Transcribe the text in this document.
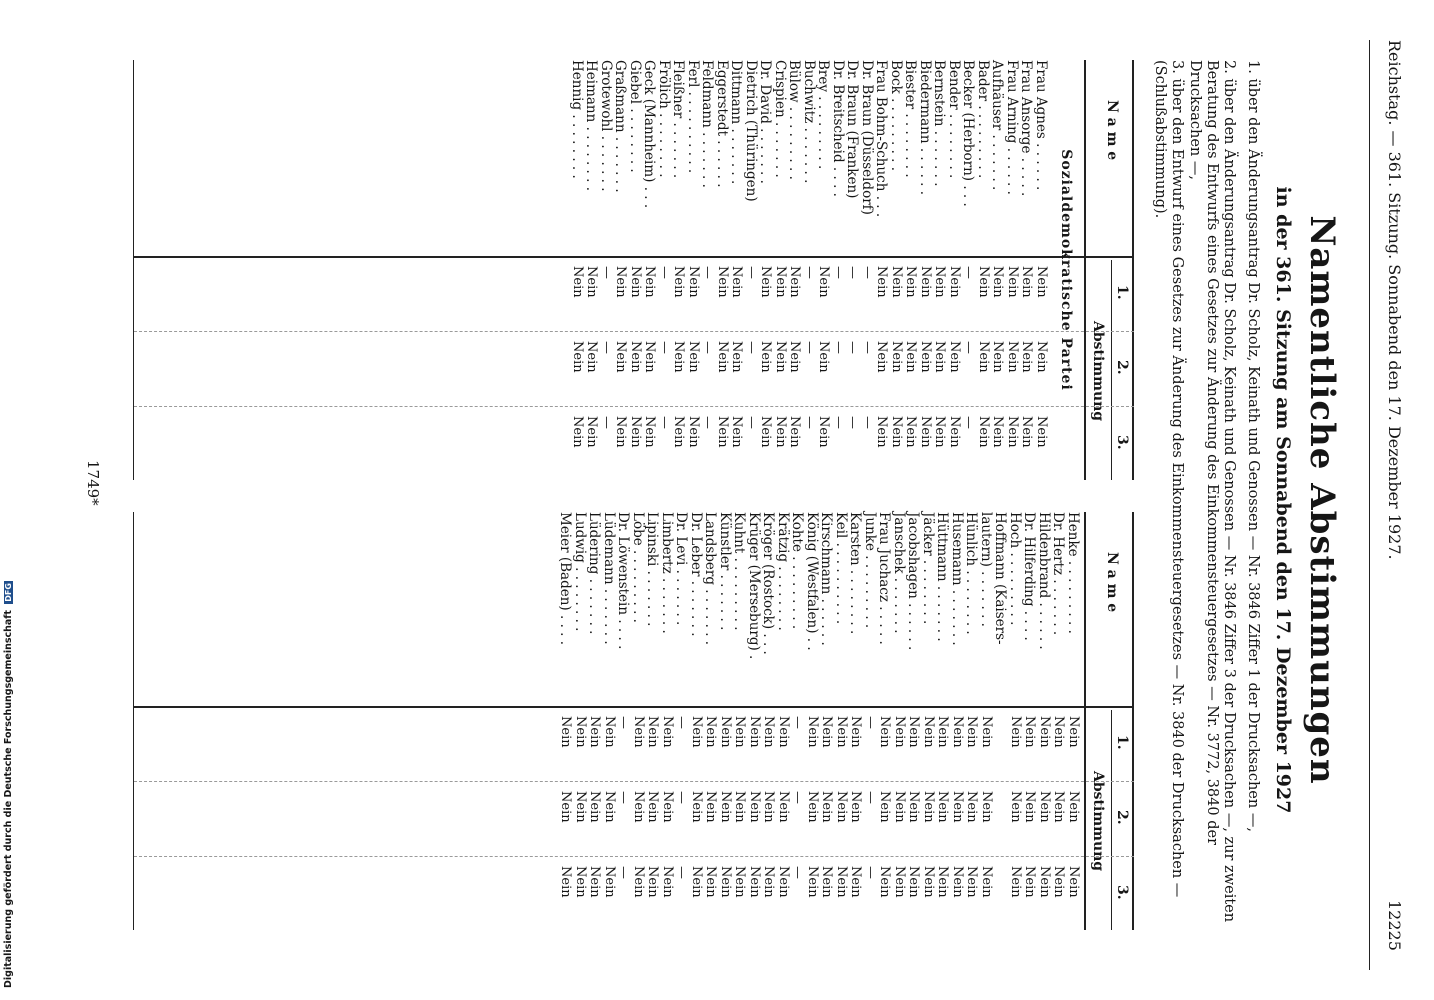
Reichstag. — 361. Sitzung. Sonnabend den 17. Dezember 1927.
12225
Namentliche Abstimmungen
in der 361. Sitzung am Sonnabend den 17. Dezember 1927
1. über den Änderungsantrag Dr. Scholz, Keinath und Genossen — Nr. 3846 Ziffer 1 der Drucksachen —,
2. über den Änderungsantrag Dr. Scholz, Keinath und Genossen — Nr. 3846 Ziffer 3 der Drucksachen —, zur zweiten Beratung des Entwurfs eines Gesetzes zur Änderung des Einkommensteuergesetzes — Nr. 3772, 3840 der Drucksachen —,
3. über den Entwurf eines Gesetzes zur Änderung des Einkommensteuergesetzes — Nr. 3840 der Drucksachen — (Schlußabstimmung).
N a m e
1.
2.
3.
Abstimmung
Sozialdemokratische Partei
Frau Agnes . . . . . .
Nein
Nein
Nein
Frau Ansorge . . . . .
Nein
Nein
Nein
Frau Arning . . . . . .
Nein
Nein
Nein
Aufhäuser . . . . . . .
Nein
Nein
Nein
Bader . . . . . . . . .
Nein
Nein
Nein
Becker (Herborn) . . .
—
—
—
Bender . . . . . . . .
Nein
Nein
Nein
Bernstein . . . . . . .
Nein
Nein
Nein
Biedermann . . . . . .
Nein
Nein
Nein
Biester . . . . . . . .
Nein
Nein
Nein
Bock . . . . . . . . .
Nein
Nein
Nein
Frau Bohm-Schuch . . .
Nein
Nein
Nein
Dr. Braun (Düsseldorf)
—
—
—
Dr. Braun (Franken)
—
—
—
Dr. Breitscheid . . . .
—
—
—
Brey . . . . . . . . .
Nein
Nein
Nein
Buchwitz . . . . . . .
—
—
—
Bülow . . . . . . . . .
Nein
Nein
Nein
Crispien . . . . . . .
Nein
Nein
Nein
Dr. David . . . . . . .
Nein
Nein
Nein
Dietrich (Thüringen)
—
—
—
Dittmann . . . . . . .
Nein
Nein
Nein
Eggerstedt . . . . . .
Nein
Nein
Nein
Feldmann . . . . . . .
—
—
—
Ferl . . . . . . . . . .
Nein
Nein
Nein
Fleißner . . . . . . .
Nein
Nein
Nein
Frölich . . . . . . . .
—
—
—
Geck (Mannheim) . . .
Nein
Nein
Nein
Giebel . . . . . . . .
Nein
Nein
Nein
Graßmann . . . . . . .
Nein
Nein
Nein
Grotewohl . . . . . . .
—
—
—
Heimann . . . . . . . .
Nein
Nein
Nein
Hennig . . . . . . . .
Nein
Nein
Nein
N a m e
1.
2.
3.
Abstimmung
Henke . . . . . . . . .
Nein
Nein
Nein
Dr. Hertz . . . . . . .
Nein
Nein
Nein
Hildenbrand . . . . . .
Nein
Nein
Nein
Dr. Hilferding . . . .
Nein
Nein
Nein
Hoch . . . . . . . . .
Nein
Nein
Nein
Hoffmann (Kaisers-
lautern) . . . . . . .
Nein
Nein
Nein
Hünlich . . . . . . . .
Nein
Nein
Nein
Husemann . . . . . . .
Nein
Nein
Nein
Hüttmann . . . . . . .
Nein
Nein
Nein
Jäcker . . . . . . . .
Nein
Nein
Nein
Jacobshagen . . . . . .
Nein
Nein
Nein
Janschek . . . . . . .
Nein
Nein
Nein
Frau Juchacz . . . . .
Nein
Nein
Nein
Junke . . . . . . . . .
—
—
—
Karsten . . . . . . . .
Nein
Nein
Nein
Keil . . . . . . . . . .
Nein
Nein
Nein
Kirschmann . . . . . .
Nein
Nein
Nein
König (Westfalen) . .
Nein
Nein
Nein
Kohte . . . . . . . . .
—
—
—
Krätzig . . . . . . . .
Nein
Nein
Nein
Kröger (Rostock) . . .
Nein
Nein
Nein
Krüger (Merseburg) .
Nein
Nein
Nein
Kuhnt . . . . . . . . .
Nein
Nein
Nein
Künstler . . . . . . .
Nein
Nein
Nein
Landsberg . . . . . . .
Nein
Nein
Nein
Dr. Leber . . . . . . .
Nein
Nein
Nein
Dr. Levi . . . . . . .
—
—
—
Limbertz . . . . . . .
Nein
Nein
Nein
Lipinski . . . . . . .
Nein
Nein
Nein
Löbe . . . . . . . . .
Nein
Nein
Nein
Dr. Löwenstein . . . .
—
—
—
Lüdemann . . . . . . .
Nein
Nein
Nein
Lüdering . . . . . . .
Nein
Nein
Nein
Ludwig . . . . . . . .
Nein
Nein
Nein
Meier (Baden) . . . .
Nein
Nein
Nein
1749*
Digitalisierung gefördert durch die Deutsche Forschungsgemeinschaft DFG
